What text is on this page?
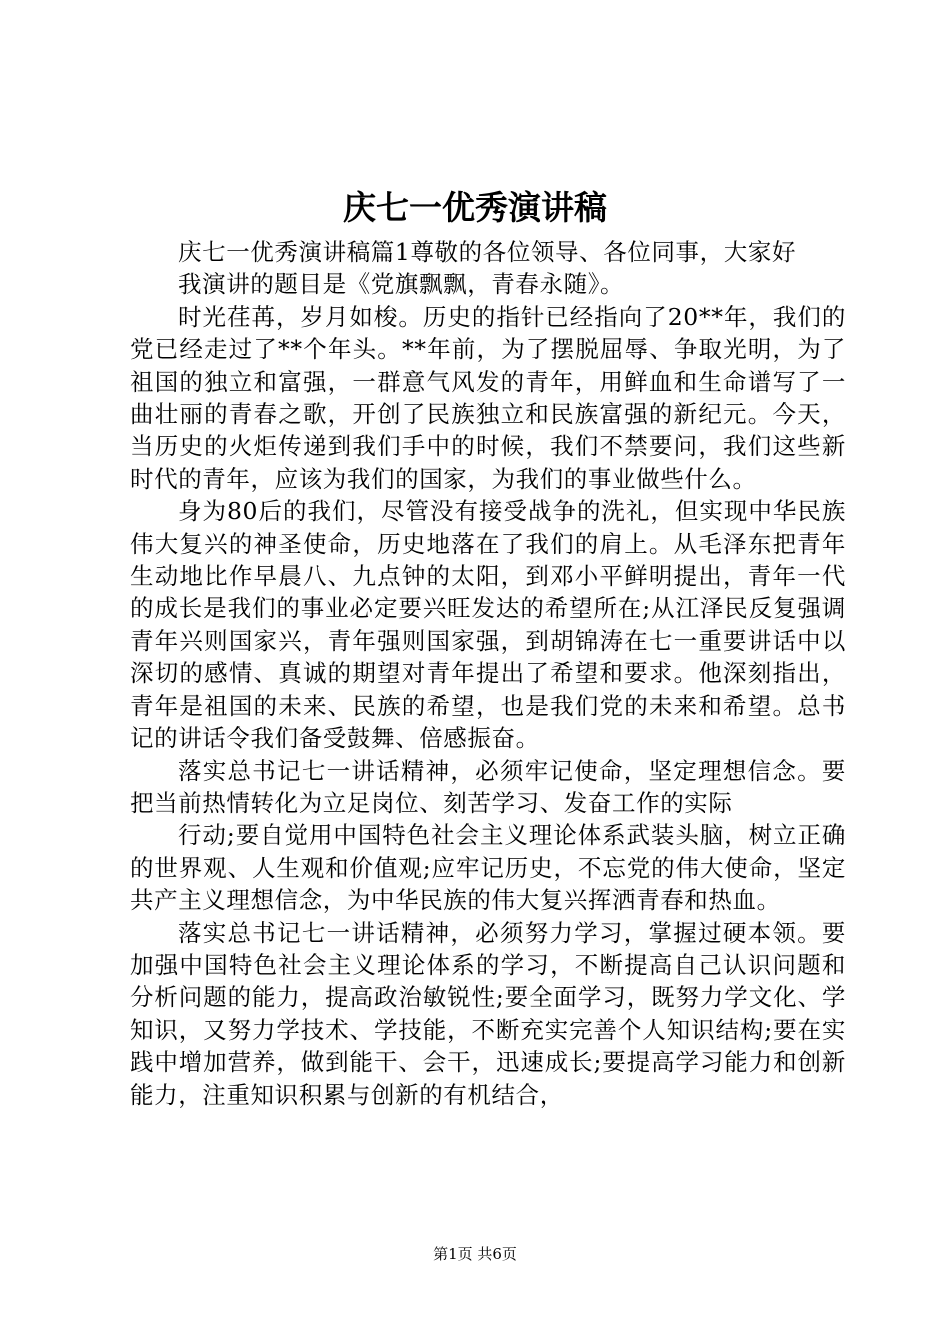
庆七一优秀演讲稿

庆七一优秀演讲稿篇1尊敬的各位领导、各位同事，大家好

我演讲的题目是《党旗飘飘，青春永随》。

时光荏苒，岁月如梭。历史的指针已经指向了20**年，我们的党已经走过了**个年头。**年前，为了摆脱屈辱、争取光明，为了祖国的独立和富强，一群意气风发的青年，用鲜血和生命谱写了一曲壮丽的青春之歌，开创了民族独立和民族富强的新纪元。今天，当历史的火炬传递到我们手中的时候，我们不禁要问，我们这些新时代的青年，应该为我们的国家，为我们的事业做些什么。

身为80后的我们，尽管没有接受战争的洗礼，但实现中华民族伟大复兴的神圣使命，历史地落在了我们的肩上。从毛泽东把青年生动地比作早晨八、九点钟的太阳，到邓小平鲜明提出，青年一代的成长是我们的事业必定要兴旺发达的希望所在;从江泽民反复强调青年兴则国家兴，青年强则国家强，到胡锦涛在七一重要讲话中以深切的感情、真诚的期望对青年提出了希望和要求。他深刻指出，青年是祖国的未来、民族的希望，也是我们党的未来和希望。总书记的讲话令我们备受鼓舞、倍感振奋。

落实总书记七一讲话精神，必须牢记使命，坚定理想信念。要把当前热情转化为立足岗位、刻苦学习、发奋工作的实际

行动;要自觉用中国特色社会主义理论体系武装头脑，树立正确的世界观、人生观和价值观;应牢记历史，不忘党的伟大使命，坚定共产主义理想信念，为中华民族的伟大复兴挥洒青春和热血。

落实总书记七一讲话精神，必须努力学习，掌握过硬本领。要加强中国特色社会主义理论体系的学习，不断提高自己认识问题和分析问题的能力，提高政治敏锐性;要全面学习，既努力学文化、学知识，又努力学技术、学技能，不断充实完善个人知识结构;要在实践中增加营养，做到能干、会干，迅速成长;要提高学习能力和创新能力，注重知识积累与创新的有机结合，

第1页 共6页
